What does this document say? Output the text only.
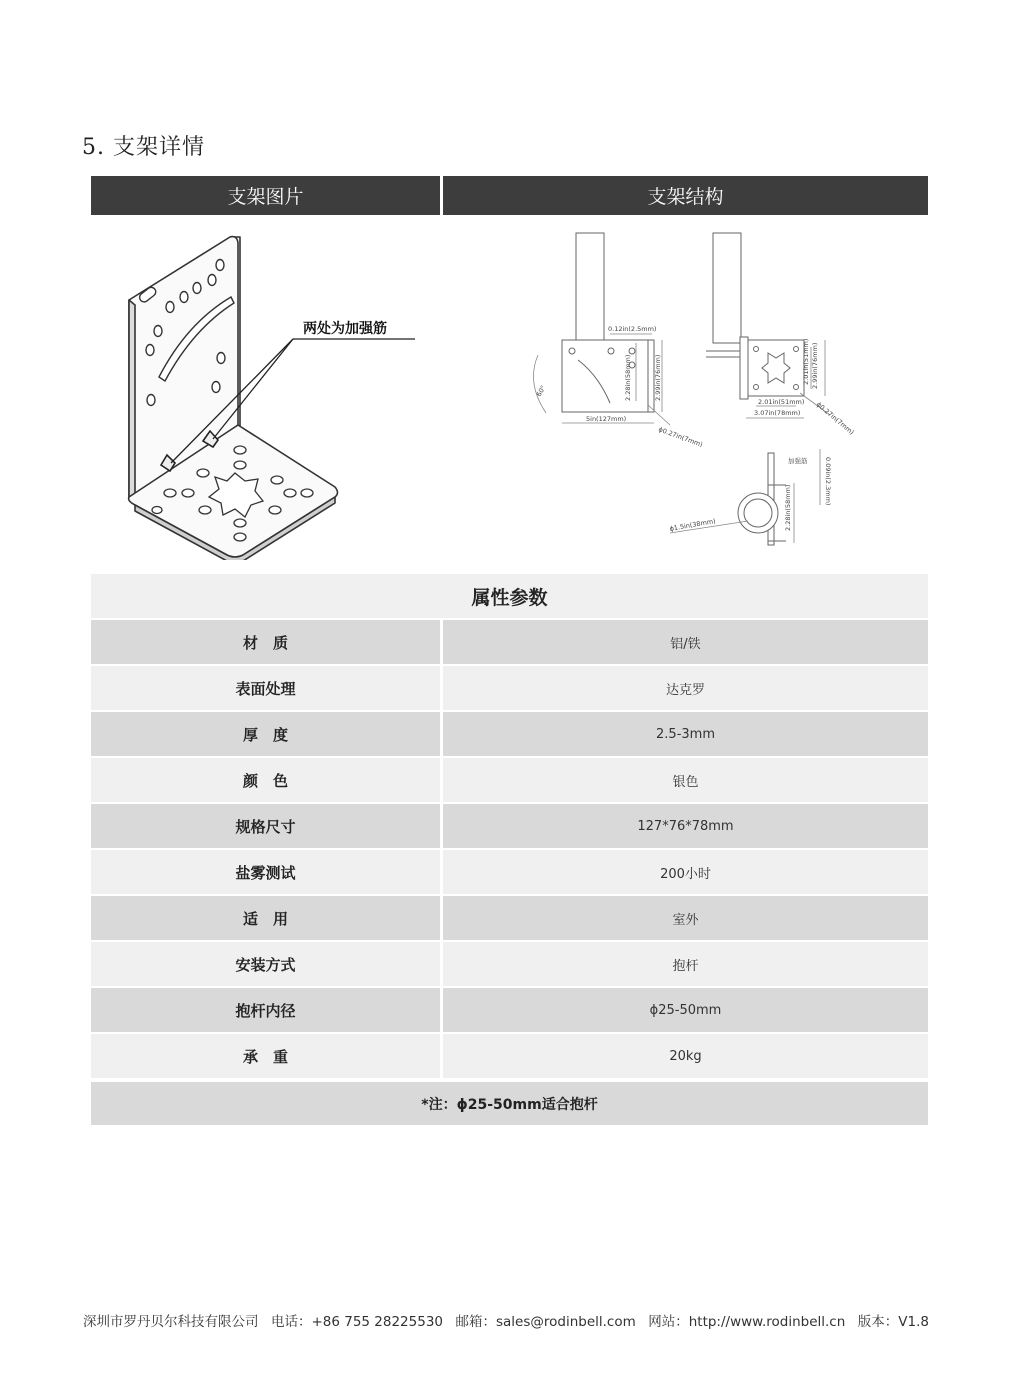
5. 支架详情
支架图片	支架结构
两处为加强筋	0.12in(2.5mm)
2.28in(58mm)	2.99in(76mm)
5in(127mm)
60°
ϕ0.27in(7mm)
2.01in(51mm)
2.99in(76mm)
2.01in(51mm)
3.07in(78mm) ϕ0.27in(7mm)
加强筋	0.09in(2.3mm)
2.28in(58mm)
ϕ1.5in(38mm)
属性参数
材　质	铝/铁
表面处理	达克罗
厚　度	2.5-3mm
颜　色	银色
规格尺寸	127*76*78mm
盐雾测试	200小时
适　用	室外
安装方式	抱杆
抱杆内径	ϕ25-50mm
承　重	20kg
*注：ϕ25-50mm适合抱杆
深圳市罗丹贝尔科技有限公司 电话：+86 755 28225530 邮箱：sales@rodinbell.com 网站：http://www.rodinbell.cn 版本：V1.8
